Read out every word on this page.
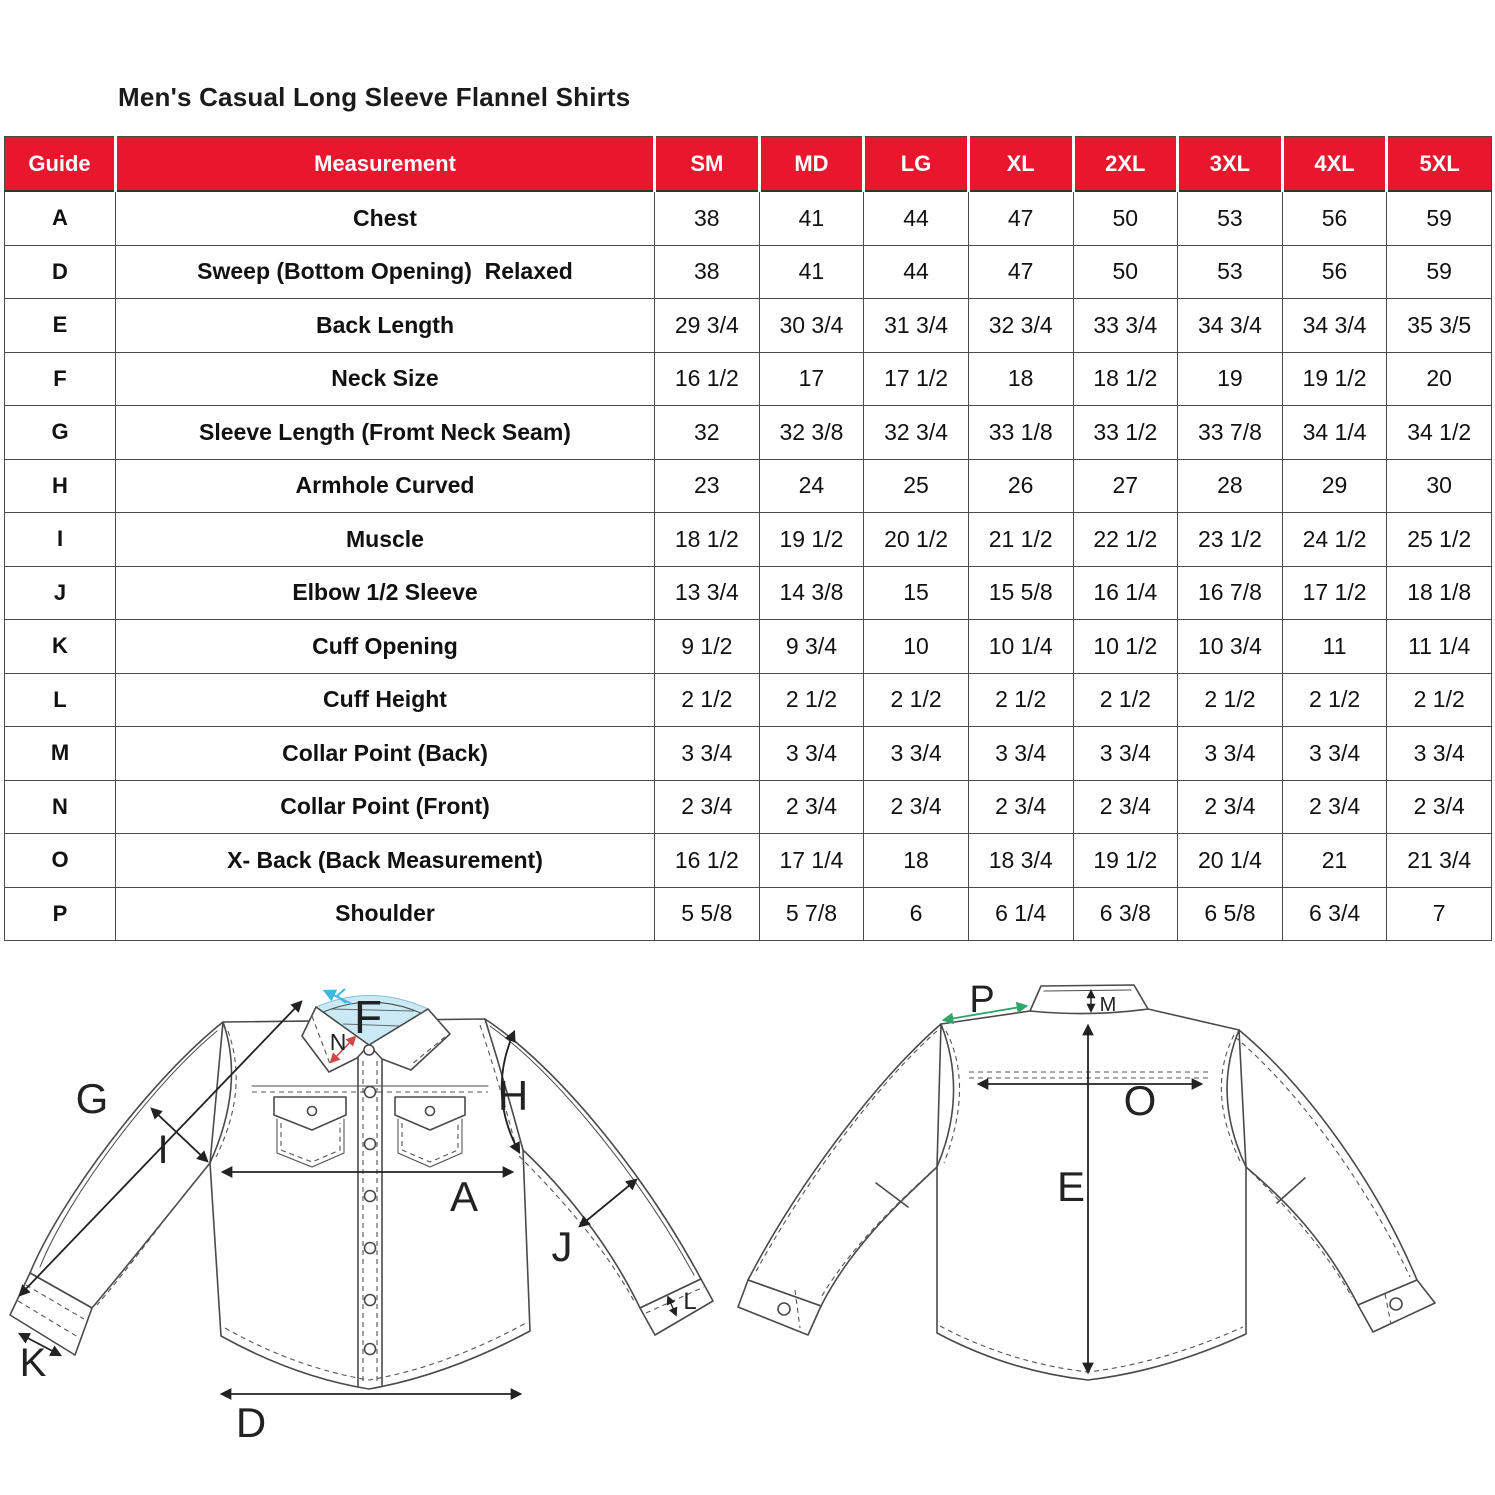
Men's Casual Long Sleeve Flannel Shirts
Guide	Measurement	SM	MD	LG	XL	2XL	3XL	4XL	5XL
A	Chest	38	41	44	47	50	53	56	59
D	Sweep (Bottom Opening)  Relaxed	38	41	44	47	50	53	56	59
E	Back Length	29 3/4	30 3/4	31 3/4	32 3/4	33 3/4	34 3/4	34 3/4	35 3/5
F	Neck Size	16 1/2	17	17 1/2	18	18 1/2	19	19 1/2	20
G	Sleeve Length (Fromt Neck Seam)	32	32 3/8	32 3/4	33 1/8	33 1/2	33 7/8	34 1/4	34 1/2
H	Armhole Curved	23	24	25	26	27	28	29	30
I	Muscle	18 1/2	19 1/2	20 1/2	21 1/2	22 1/2	23 1/2	24 1/2	25 1/2
J	Elbow 1/2 Sleeve	13 3/4	14 3/8	15	15 5/8	16 1/4	16 7/8	17 1/2	18 1/8
K	Cuff Opening	9 1/2	9 3/4	10	10 1/4	10 1/2	10 3/4	11	11 1/4
L	Cuff Height	2 1/2	2 1/2	2 1/2	2 1/2	2 1/2	2 1/2	2 1/2	2 1/2
M	Collar Point (Back)	3 3/4	3 3/4	3 3/4	3 3/4	3 3/4	3 3/4	3 3/4	3 3/4
N	Collar Point (Front)	2 3/4	2 3/4	2 3/4	2 3/4	2 3/4	2 3/4	2 3/4	2 3/4
O	X- Back (Back Measurement)	16 1/2	17 1/4	18	18 3/4	19 1/2	20 1/4	21	21 3/4
P	Shoulder	5 5/8	5 7/8	6	6 1/4	6 3/8	6 5/8	6 3/4	7
G
I
H
A
J
K
D
L
F
N
P	M
O
E
